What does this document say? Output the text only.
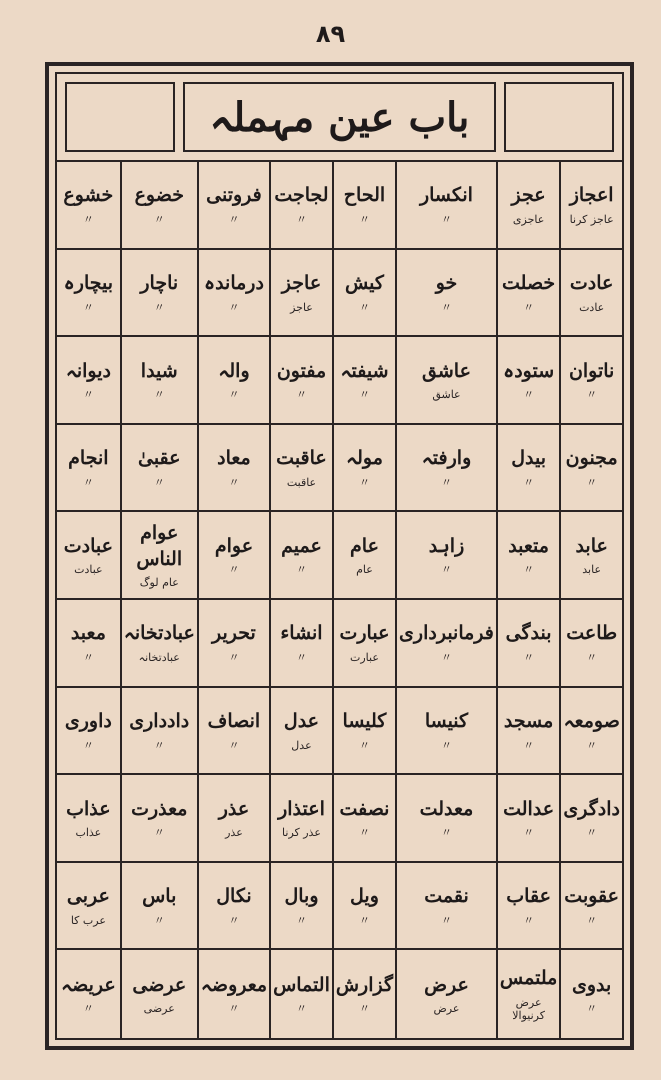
۸۹
باب عین مہملہ
اعجاز
عاجز کرنا
عجز
عاجزی
انکسار
〃
الحاح
〃
لجاجت
〃
فروتنی
〃
خضوع
〃
خشوع
〃
عادت
عادت
خصلت
〃
خو
〃
کیش
〃
عاجز
عاجز
درماندہ
〃
ناچار
〃
بیچارہ
〃
ناتوان
〃
ستودہ
〃
عاشق
عاشق
شیفتہ
〃
مفتون
〃
والہ
〃
شیدا
〃
دیوانہ
〃
مجنون
〃
بیدل
〃
وارفتہ
〃
مولہ
〃
عاقبت
عاقبت
معاد
〃
عقبیٰ
〃
انجام
〃
عابد
عابد
متعبد
〃
زاہد
〃
عام
عام
عمیم
〃
عوام
〃
عوام الناس
عام لوگ
عبادت
عبادت
طاعت
〃
بندگی
〃
فرمانبرداری
〃
عبارت
عبارت
انشاء
〃
تحریر
〃
عبادتخانہ
عبادتخانہ
معبد
〃
صومعہ
〃
مسجد
〃
کنیسا
〃
کلیسا
〃
عدل
عدل
انصاف
〃
دادداری
〃
داوری
〃
دادگری
〃
عدالت
〃
معدلت
〃
نصفت
〃
اعتذار
عذر کرنا
عذر
عذر
معذرت
〃
عذاب
عذاب
عقوبت
〃
عقاب
〃
نقمت
〃
ویل
〃
وبال
〃
نکال
〃
باس
〃
عربی
عرب کا
بدوی
〃
ملتمس
عرض کرنیوالا
عرض
عرض
گزارش
〃
التماس
〃
معروضہ
〃
عرضی
عرضی
عریضہ
〃
